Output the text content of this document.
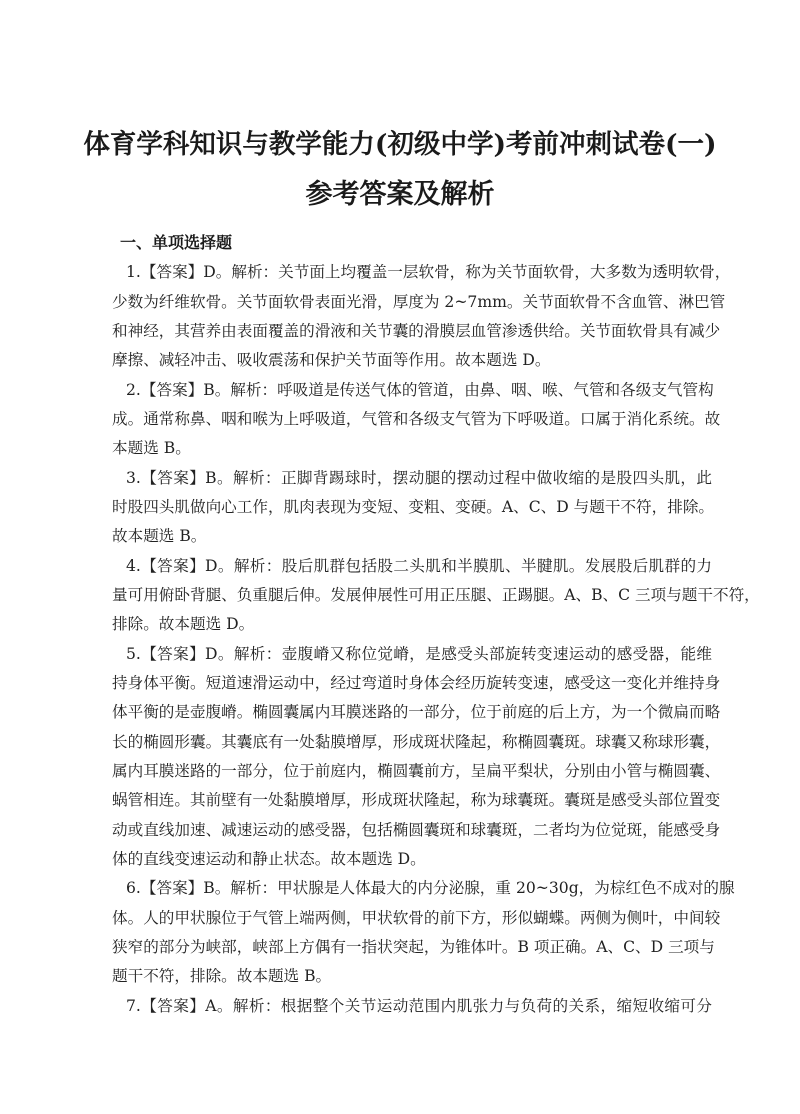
体育学科知识与教学能力(初级中学)考前冲刺试卷(一)
参考答案及解析
一、单项选择题
1.【答案】D。解析：关节面上均覆盖一层软骨，称为关节面软骨，大多数为透明软骨，
少数为纤维软骨。关节面软骨表面光滑，厚度为 2~7mm。关节面软骨不含血管、淋巴管
和神经，其营养由表面覆盖的滑液和关节囊的滑膜层血管渗透供给。关节面软骨具有减少
摩擦、减轻冲击、吸收震荡和保护关节面等作用。故本题选 D。
2.【答案】B。解析：呼吸道是传送气体的管道，由鼻、咽、喉、气管和各级支气管构
成。通常称鼻、咽和喉为上呼吸道，气管和各级支气管为下呼吸道。口属于消化系统。故
本题选 B。
3.【答案】B。解析：正脚背踢球时，摆动腿的摆动过程中做收缩的是股四头肌，此
时股四头肌做向心工作，肌肉表现为变短、变粗、变硬。A、C、D 与题干不符，排除。
故本题选 B。
4.【答案】D。解析：股后肌群包括股二头肌和半膜肌、半腱肌。发展股后肌群的力
量可用俯卧背腿、负重腿后伸。发展伸展性可用正压腿、正踢腿。A、B、C 三项与题干不符，
排除。故本题选 D。
5.【答案】D。解析：壶腹嵴又称位觉嵴，是感受头部旋转变速运动的感受器，能维
持身体平衡。短道速滑运动中，经过弯道时身体会经历旋转变速，感受这一变化并维持身
体平衡的是壶腹嵴。椭圆囊属内耳膜迷路的一部分，位于前庭的后上方，为一个微扁而略
长的椭圆形囊。其囊底有一处黏膜增厚，形成斑状隆起，称椭圆囊斑。球囊又称球形囊，
属内耳膜迷路的一部分，位于前庭内，椭圆囊前方，呈扁平梨状，分别由小管与椭圆囊、
蜗管相连。其前壁有一处黏膜增厚，形成斑状隆起，称为球囊斑。囊斑是感受头部位置变
动或直线加速、减速运动的感受器，包括椭圆囊斑和球囊斑，二者均为位觉斑，能感受身
体的直线变速运动和静止状态。故本题选 D。
6.【答案】B。解析：甲状腺是人体最大的内分泌腺，重 20~30g，为棕红色不成对的腺
体。人的甲状腺位于气管上端两侧，甲状软骨的前下方，形似蝴蝶。两侧为侧叶，中间较
狭窄的部分为峡部，峡部上方偶有一指状突起，为锥体叶。B 项正确。A、C、D 三项与
题干不符，排除。故本题选 B。
7.【答案】A。解析：根据整个关节运动范围内肌张力与负荷的关系，缩短收缩可分
